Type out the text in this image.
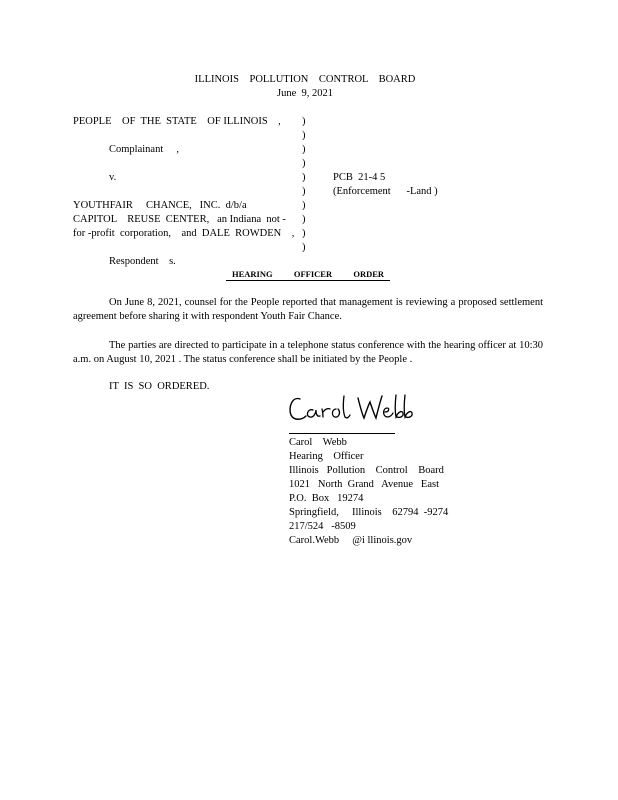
ILLINOIS    POLLUTION    CONTROL    BOARD
June  9, 2021
PEOPLE    OF  THE  STATE    OF ILLINOIS    ,
Complainant     ,
v.
YOUTHFAIR     CHANCE,   INC.  d/b/a
CAPITOL    REUSE  CENTER,   an Indiana  not -
for -profit  corporation,    and  DALE  ROWDEN    ,
Respondent    s.
)
)
)
)
)
)
)
)
)
)
PCB  21-4 5
(Enforcement      -Land )
HEARING          OFFICER          ORDER
On June 8, 2021, counsel for the People reported that management is reviewing a proposed settlement agreement before sharing it with respondent Youth Fair Chance.
The parties are directed to participate in a telephone status conference with the hearing officer at 10:30 a.m. on August 10, 2021 . The status conference shall be initiated by the People .
IT  IS  SO  ORDERED.
Carol    Webb
Hearing    Officer
Illinois   Pollution    Control    Board
1021   North  Grand   Avenue   East
P.O.  Box   19274
Springfield,     Illinois    62794  -9274
217/524   -8509
Carol.Webb     @i llinois.gov
